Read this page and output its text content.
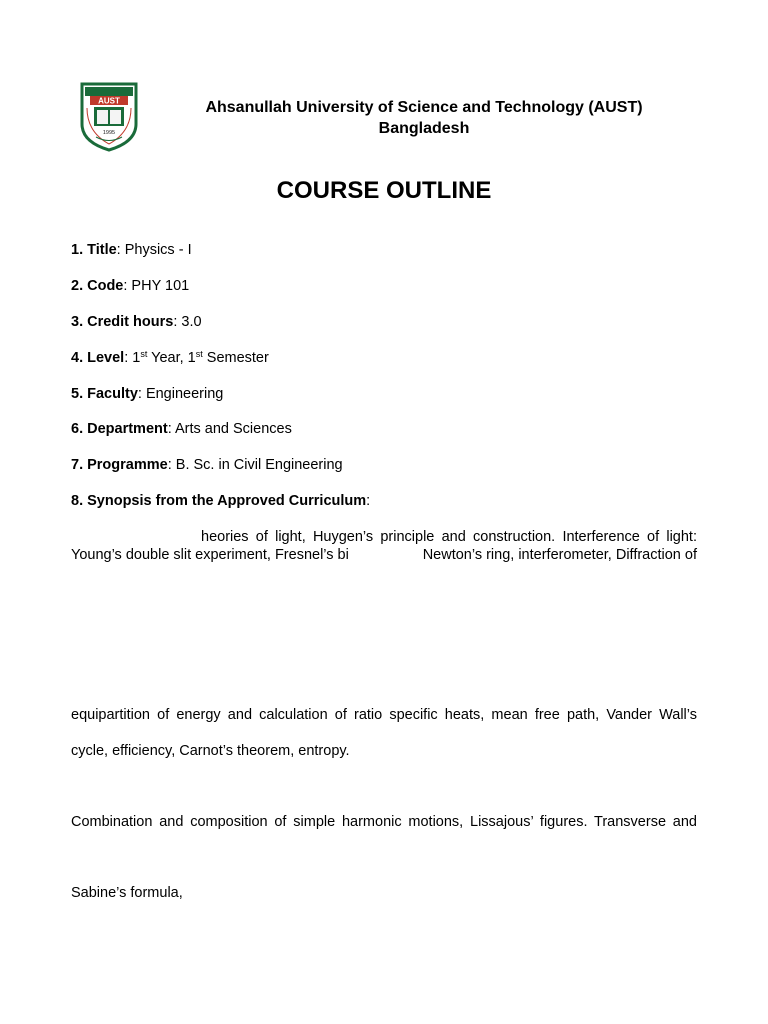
AUST
1995
Ahsanullah University of Science and Technology (AUST)
Bangladesh
COURSE OUTLINE
1. Title: Physics - I
2. Code: PHY 101
3. Credit hours: 3.0
4. Level: 1st Year, 1st Semester
5. Faculty: Engineering
6. Department: Arts and Sciences
7. Programme: B. Sc. in Civil Engineering
8. Synopsis from the Approved Curriculum:
heories of light, Huygen’s principle and construction. Interference of light:
Young’s double slit experiment, Fresnel’s bi	Newton’s ring, interferometer, Diffraction of
equipartition of energy and calculation of ratio specific heats, mean free path, Vander Wall’s
cycle, efficiency, Carnot’s theorem, entropy.
Combination and composition of simple harmonic motions, Lissajous’ figures. Transverse and
Sabine’s formula,
